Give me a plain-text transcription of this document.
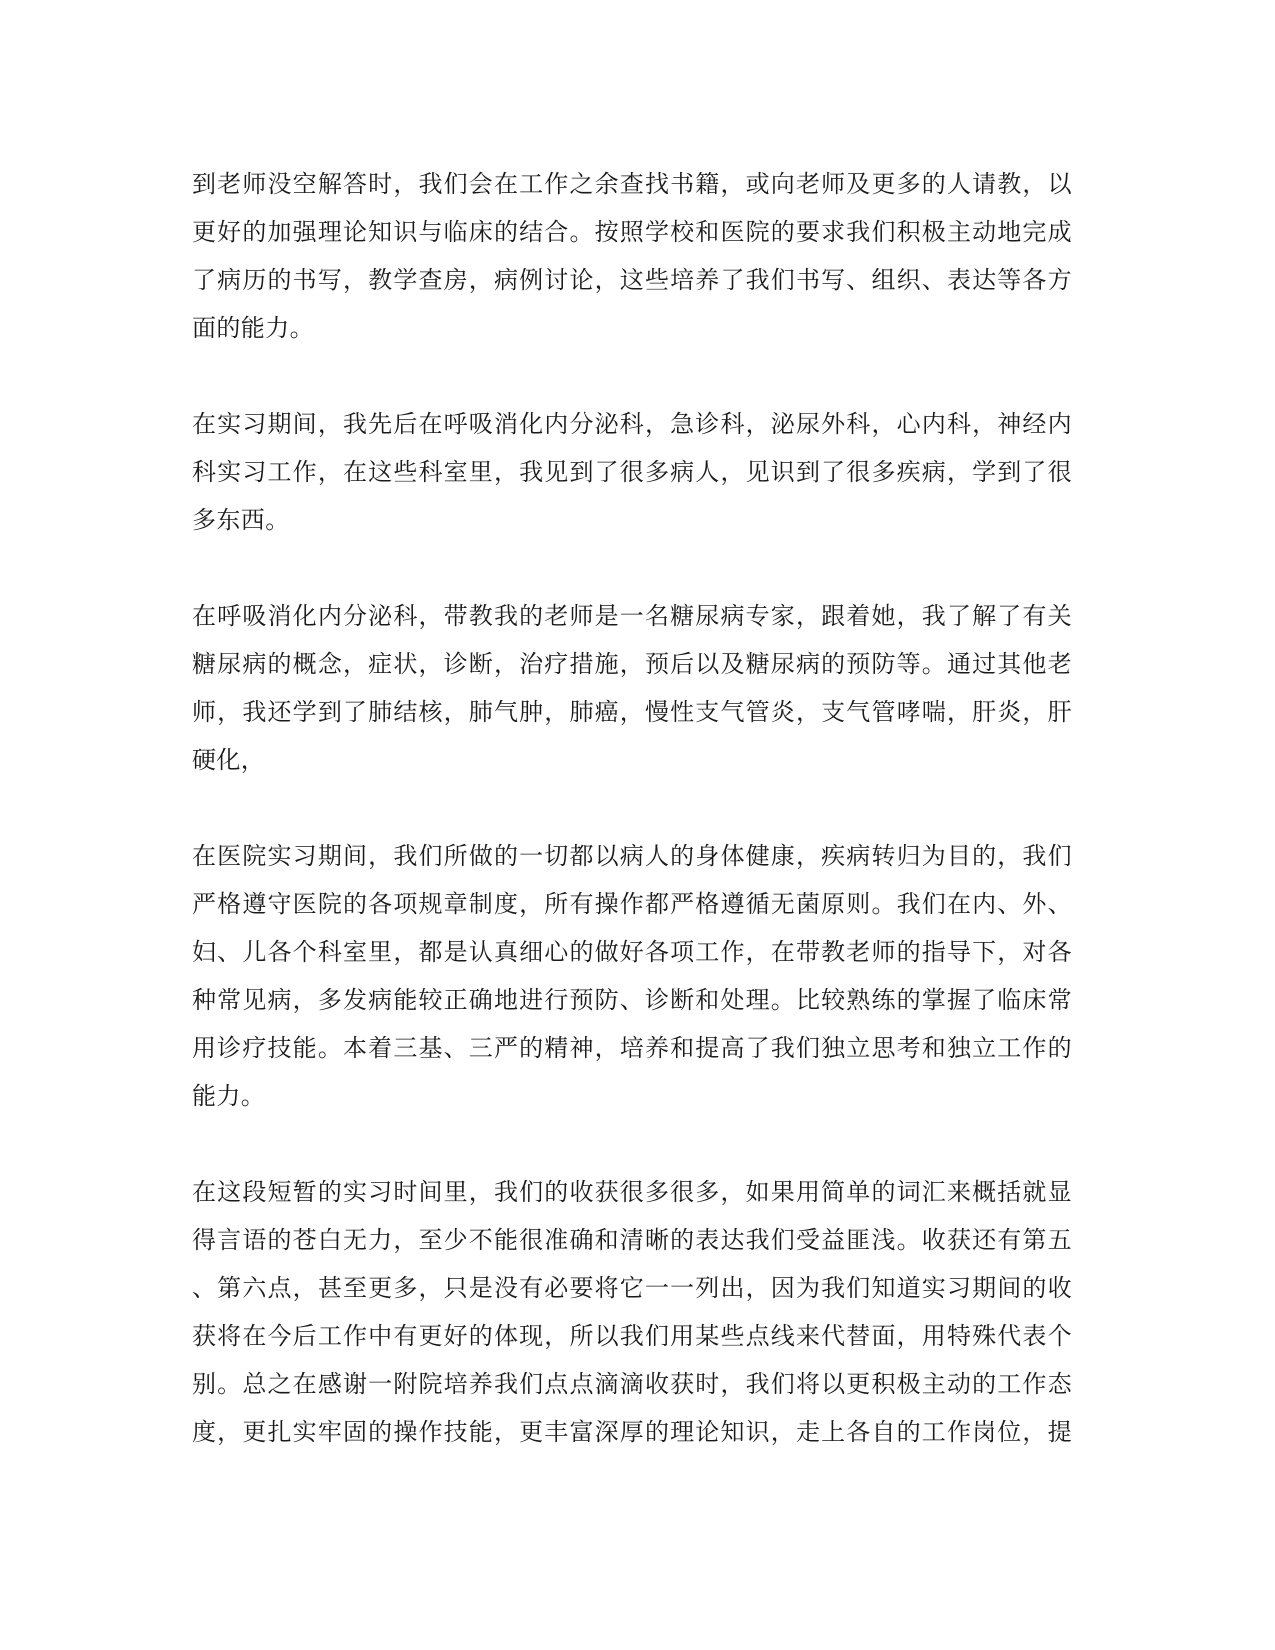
到老师没空解答时，我们会在工作之余查找书籍，或向老师及更多的人请教，以
更好的加强理论知识与临床的结合。按照学校和医院的要求我们积极主动地完成
了病历的书写，教学查房，病例讨论，这些培养了我们书写、组织、表达等各方
面的能力。

在实习期间，我先后在呼吸消化内分泌科，急诊科，泌尿外科，心内科，神经内
科实习工作，在这些科室里，我见到了很多病人，见识到了很多疾病，学到了很
多东西。

在呼吸消化内分泌科，带教我的老师是一名糖尿病专家，跟着她，我了解了有关
糖尿病的概念，症状，诊断，治疗措施，预后以及糖尿病的预防等。通过其他老
师，我还学到了肺结核，肺气肿，肺癌，慢性支气管炎，支气管哮喘，肝炎，肝
硬化，

在医院实习期间，我们所做的一切都以病人的身体健康，疾病转归为目的，我们
严格遵守医院的各项规章制度，所有操作都严格遵循无菌原则。我们在内、外、
妇、儿各个科室里，都是认真细心的做好各项工作，在带教老师的指导下，对各
种常见病，多发病能较正确地进行预防、诊断和处理。比较熟练的掌握了临床常
用诊疗技能。本着三基、三严的精神，培养和提高了我们独立思考和独立工作的
能力。

在这段短暂的实习时间里，我们的收获很多很多，如果用简单的词汇来概括就显
得言语的苍白无力，至少不能很准确和清晰的表达我们受益匪浅。收获还有第五
、第六点，甚至更多，只是没有必要将它一一列出，因为我们知道实习期间的收
获将在今后工作中有更好的体现，所以我们用某些点线来代替面，用特殊代表个
别。总之在感谢一附院培养我们点点滴滴收获时，我们将以更积极主动的工作态
度，更扎实牢固的操作技能，更丰富深厚的理论知识，走上各自的工作岗位，提
